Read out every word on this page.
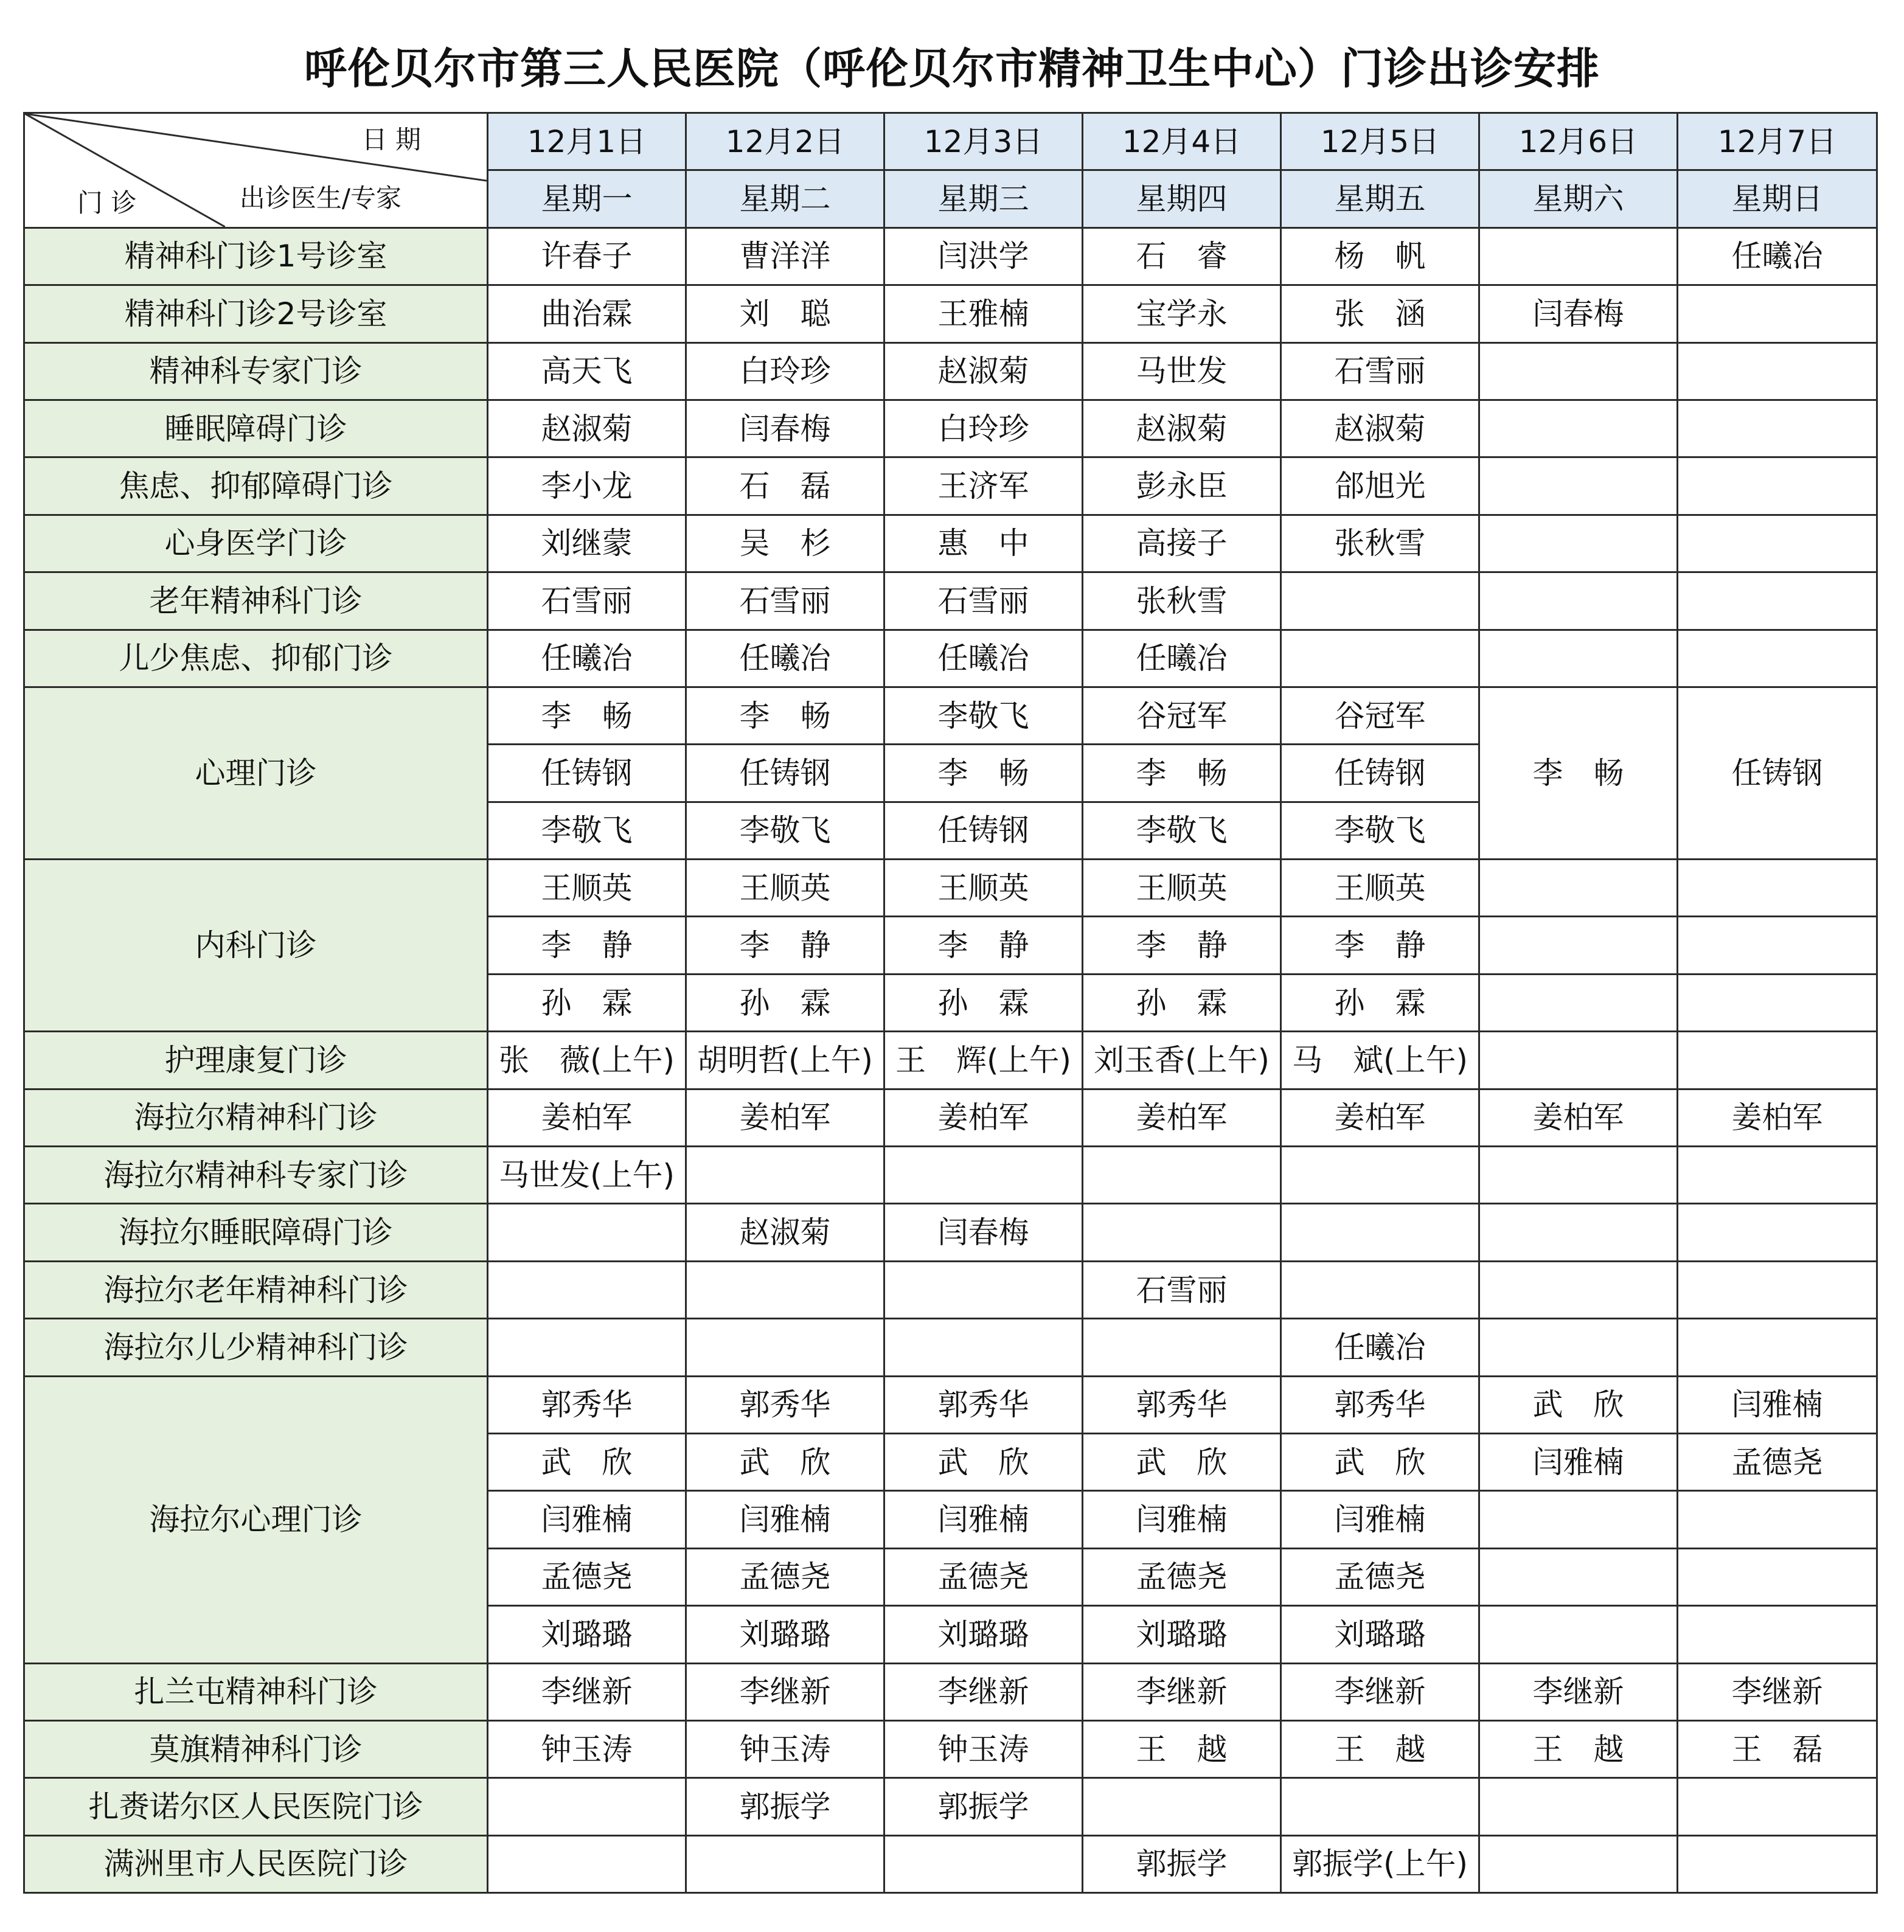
呼伦贝尔市第三人民医院（呼伦贝尔市精神卫生中心）门诊出诊安排
日 期
出诊医生/专家
门 诊	12月1日	12月2日	12月3日	12月4日	12月5日	12月6日	12月7日
	星期一	星期二	星期三	星期四	星期五	星期六	星期日
精神科门诊1号诊室	许春子	曹洋洋	闫洪学	石　睿	杨　帆		任曦冶
精神科门诊2号诊室	曲治霖	刘　聪	王雅楠	宝学永	张　涵	闫春梅	
精神科专家门诊	高天飞	白玲珍	赵淑菊	马世发	石雪丽		
睡眠障碍门诊	赵淑菊	闫春梅	白玲珍	赵淑菊	赵淑菊		
焦虑、抑郁障碍门诊	李小龙	石　磊	王济军	彭永臣	郃旭光		
心身医学门诊	刘继蒙	吴　杉	惠　中	高接子	张秋雪		
老年精神科门诊	石雪丽	石雪丽	石雪丽	张秋雪			
儿少焦虑、抑郁门诊	任曦冶	任曦冶	任曦冶	任曦冶			
心理门诊	李　畅	李　畅	李敬飞	谷冠军	谷冠军	李　畅	任铸钢
	任铸钢	任铸钢	李　畅	李　畅	任铸钢		
	李敬飞	李敬飞	任铸钢	李敬飞	李敬飞		
内科门诊	王顺英	王顺英	王顺英	王顺英	王顺英		
	李　静	李　静	李　静	李　静	李　静		
	孙　霖	孙　霖	孙　霖	孙　霖	孙　霖		
护理康复门诊	张　薇(上午)	胡明哲(上午)	王　辉(上午)	刘玉香(上午)	马　斌(上午)		
海拉尔精神科门诊	姜柏军	姜柏军	姜柏军	姜柏军	姜柏军	姜柏军	姜柏军
海拉尔精神科专家门诊	马世发(上午)						
海拉尔睡眠障碍门诊		赵淑菊	闫春梅				
海拉尔老年精神科门诊				石雪丽			
海拉尔儿少精神科门诊					任曦冶		
海拉尔心理门诊	郭秀华	郭秀华	郭秀华	郭秀华	郭秀华	武　欣	闫雅楠
	武　欣	武　欣	武　欣	武　欣	武　欣	闫雅楠	孟德尧
	闫雅楠	闫雅楠	闫雅楠	闫雅楠	闫雅楠		
	孟德尧	孟德尧	孟德尧	孟德尧	孟德尧		
	刘璐璐	刘璐璐	刘璐璐	刘璐璐	刘璐璐		
扎兰屯精神科门诊	李继新	李继新	李继新	李继新	李继新	李继新	李继新
莫旗精神科门诊	钟玉涛	钟玉涛	钟玉涛	王　越	王　越	王　越	王　磊
扎赉诺尔区人民医院门诊		郭振学	郭振学				
满洲里市人民医院门诊				郭振学	郭振学(上午)		
